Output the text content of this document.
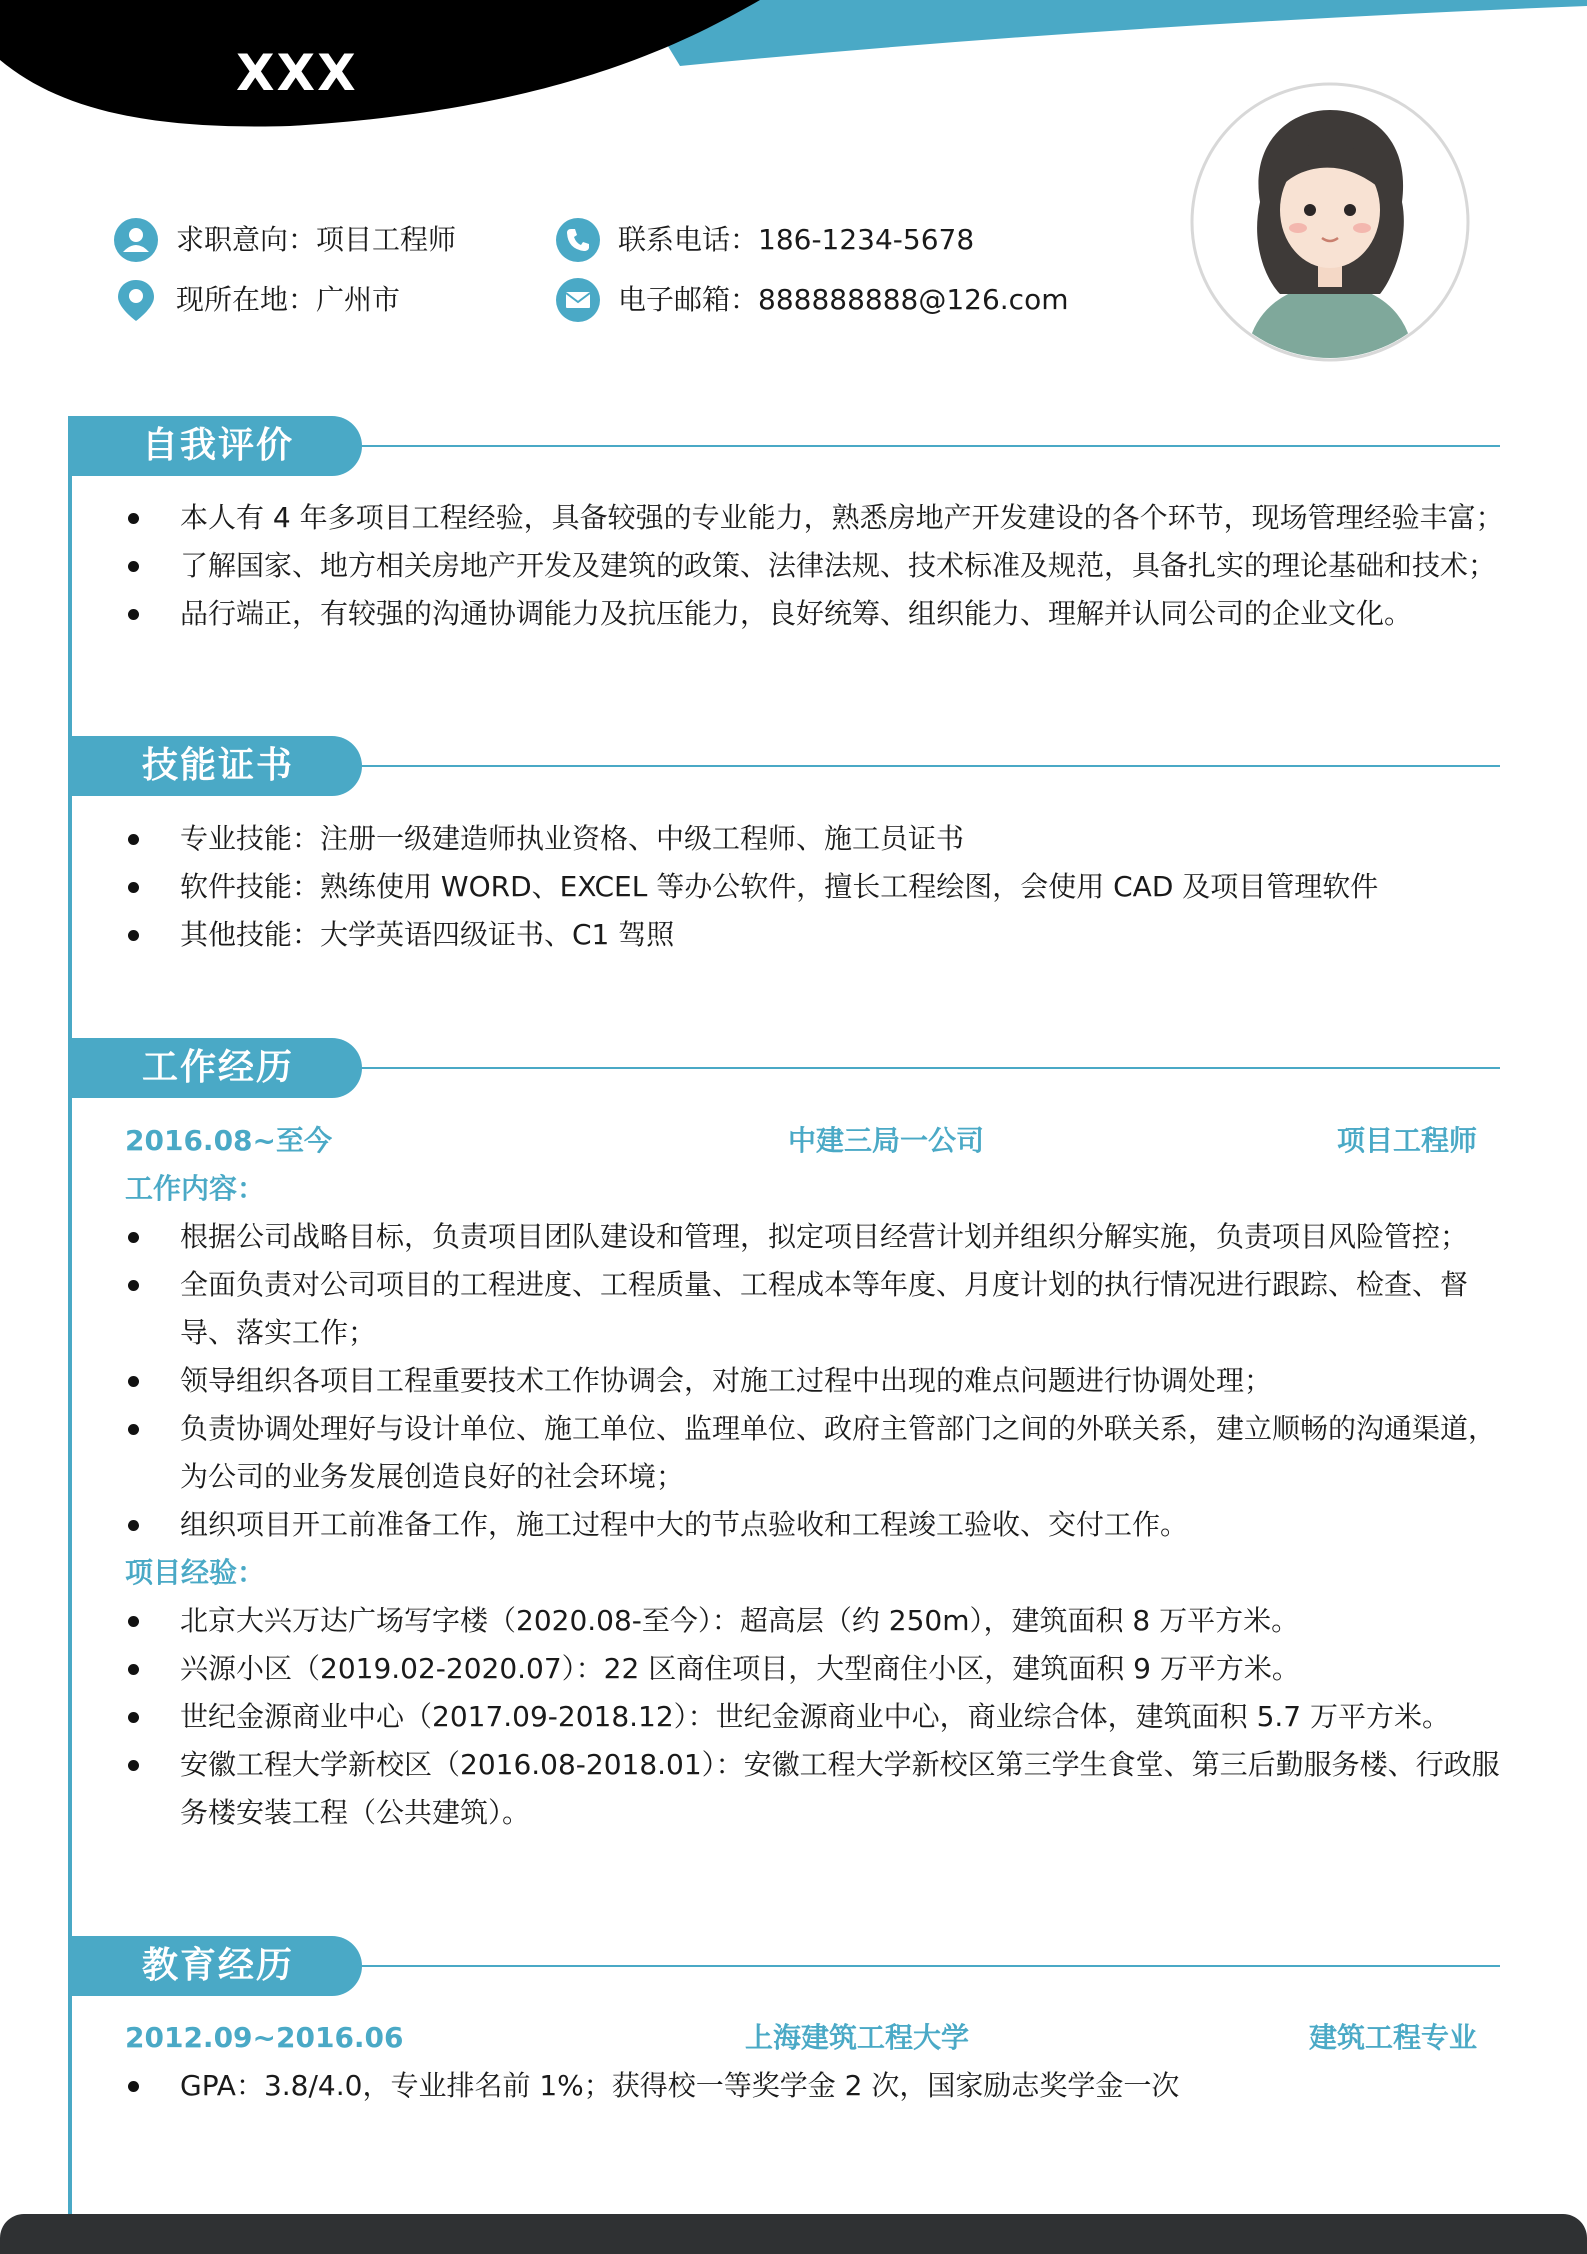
XXX
求职意向：项目工程师
现所在地：广州市
联系电话：186-1234-5678
电子邮箱：888888888@126.com
自我评价
本人有 4 年多项目工程经验，具备较强的专业能力，熟悉房地产开发建设的各个环节，现场管理经验丰富；
了解国家、地方相关房地产开发及建筑的政策、法律法规、技术标准及规范，具备扎实的理论基础和技术；
品行端正，有较强的沟通协调能力及抗压能力，良好统筹、组织能力、理解并认同公司的企业文化。
技能证书
专业技能：注册一级建造师执业资格、中级工程师、施工员证书
软件技能：熟练使用 WORD、EXCEL 等办公软件，擅长工程绘图，会使用 CAD 及项目管理软件
其他技能：大学英语四级证书、C1 驾照
工作经历
2016.08~至今	中建三局一公司	项目工程师
工作内容：
根据公司战略目标，负责项目团队建设和管理，拟定项目经营计划并组织分解实施，负责项目风险管控；
全面负责对公司项目的工程进度、工程质量、工程成本等年度、月度计划的执行情况进行跟踪、检查、督导、落实工作；
领导组织各项目工程重要技术工作协调会，对施工过程中出现的难点问题进行协调处理；
负责协调处理好与设计单位、施工单位、监理单位、政府主管部门之间的外联关系，建立顺畅的沟通渠道，为公司的业务发展创造良好的社会环境；
组织项目开工前准备工作，施工过程中大的节点验收和工程竣工验收、交付工作。
项目经验：
北京大兴万达广场写字楼（2020.08-至今）：超高层（约 250m），建筑面积 8 万平方米。
兴源小区（2019.02-2020.07）：22 区商住项目，大型商住小区，建筑面积 9 万平方米。
世纪金源商业中心（2017.09-2018.12）：世纪金源商业中心，商业综合体，建筑面积 5.7 万平方米。
安徽工程大学新校区（2016.08-2018.01）：安徽工程大学新校区第三学生食堂、第三后勤服务楼、行政服务楼安装工程（公共建筑）。
教育经历
2012.09~2016.06	上海建筑工程大学	建筑工程专业
GPA：3.8/4.0，专业排名前 1%；获得校一等奖学金 2 次，国家励志奖学金一次
